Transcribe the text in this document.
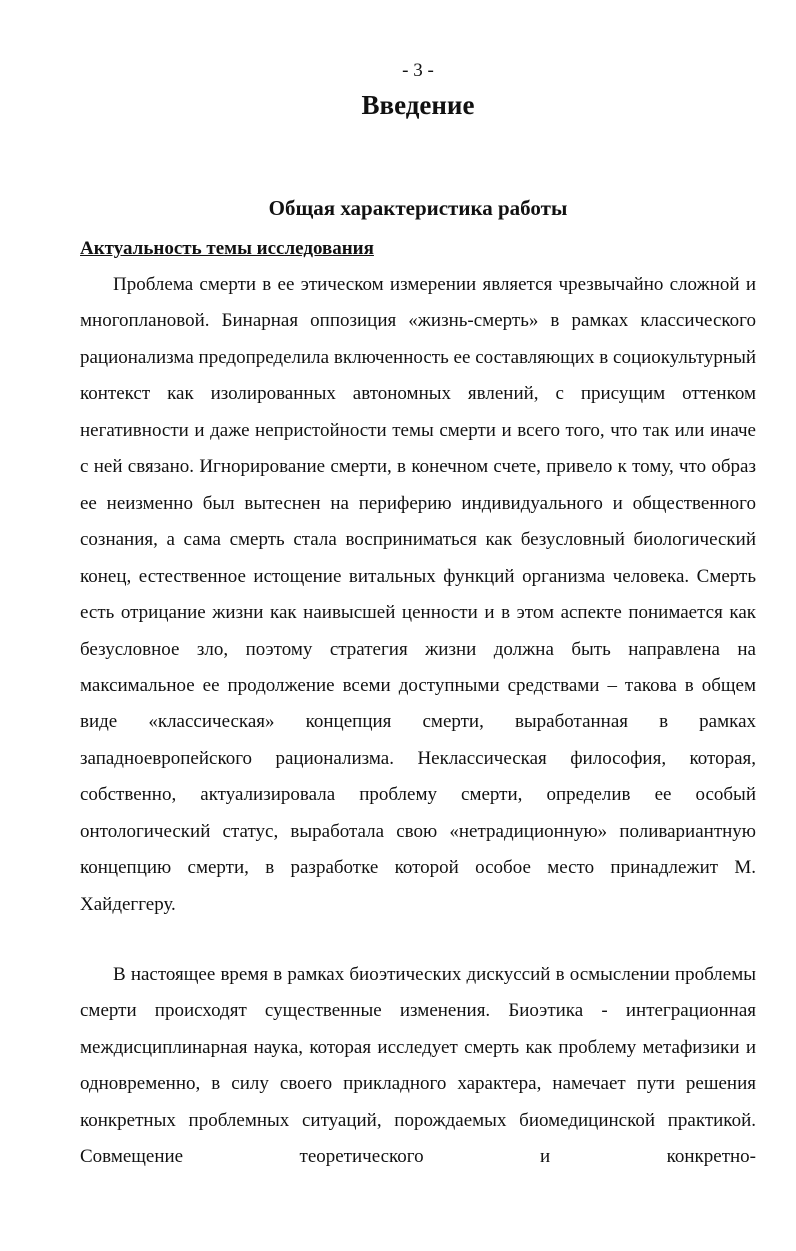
- 3 -
Введение
Общая характеристика работы
Актуальность темы исследования

Проблема смерти в ее этическом измерении является чрезвычайно сложной и многоплановой. Бинарная оппозиция «жизнь-смерть» в рамках классического рационализма предопределила включенность ее составляющих в социокультурный контекст как изолированных автономных явлений, с присущим оттенком негативности и даже непристойности темы смерти и всего того, что так или иначе с ней связано. Игнорирование смерти, в конечном счете, привело к тому, что образ ее неизменно был вытеснен на периферию индивидуального и общественного сознания, а сама смерть стала восприниматься как безусловный биологический конец, естественное истощение витальных функций организма человека. Смерть есть отрицание жизни как наивысшей ценности и в этом аспекте понимается как безусловное зло, поэтому стратегия жизни должна быть направлена на максимальное ее продолжение всеми доступными средствами – такова в общем виде «классическая» концепция смерти, выработанная в рамках западноевропейского рационализма. Неклассическая философия, которая, собственно, актуализировала проблему смерти, определив ее особый онтологический статус, выработала свою «нетрадиционную» поливариантную концепцию смерти, в разработке которой особое место принадлежит М. Хайдеггеру.

В настоящее время в рамках биоэтических дискуссий в осмыслении проблемы смерти происходят существенные изменения. Биоэтика - интеграционная междисциплинарная наука, которая исследует смерть как проблему метафизики и одновременно, в силу своего прикладного характера, намечает пути решения конкретных проблемных ситуаций, порождаемых биомедицинской практикой. Совмещение теоретического и конкретно-
